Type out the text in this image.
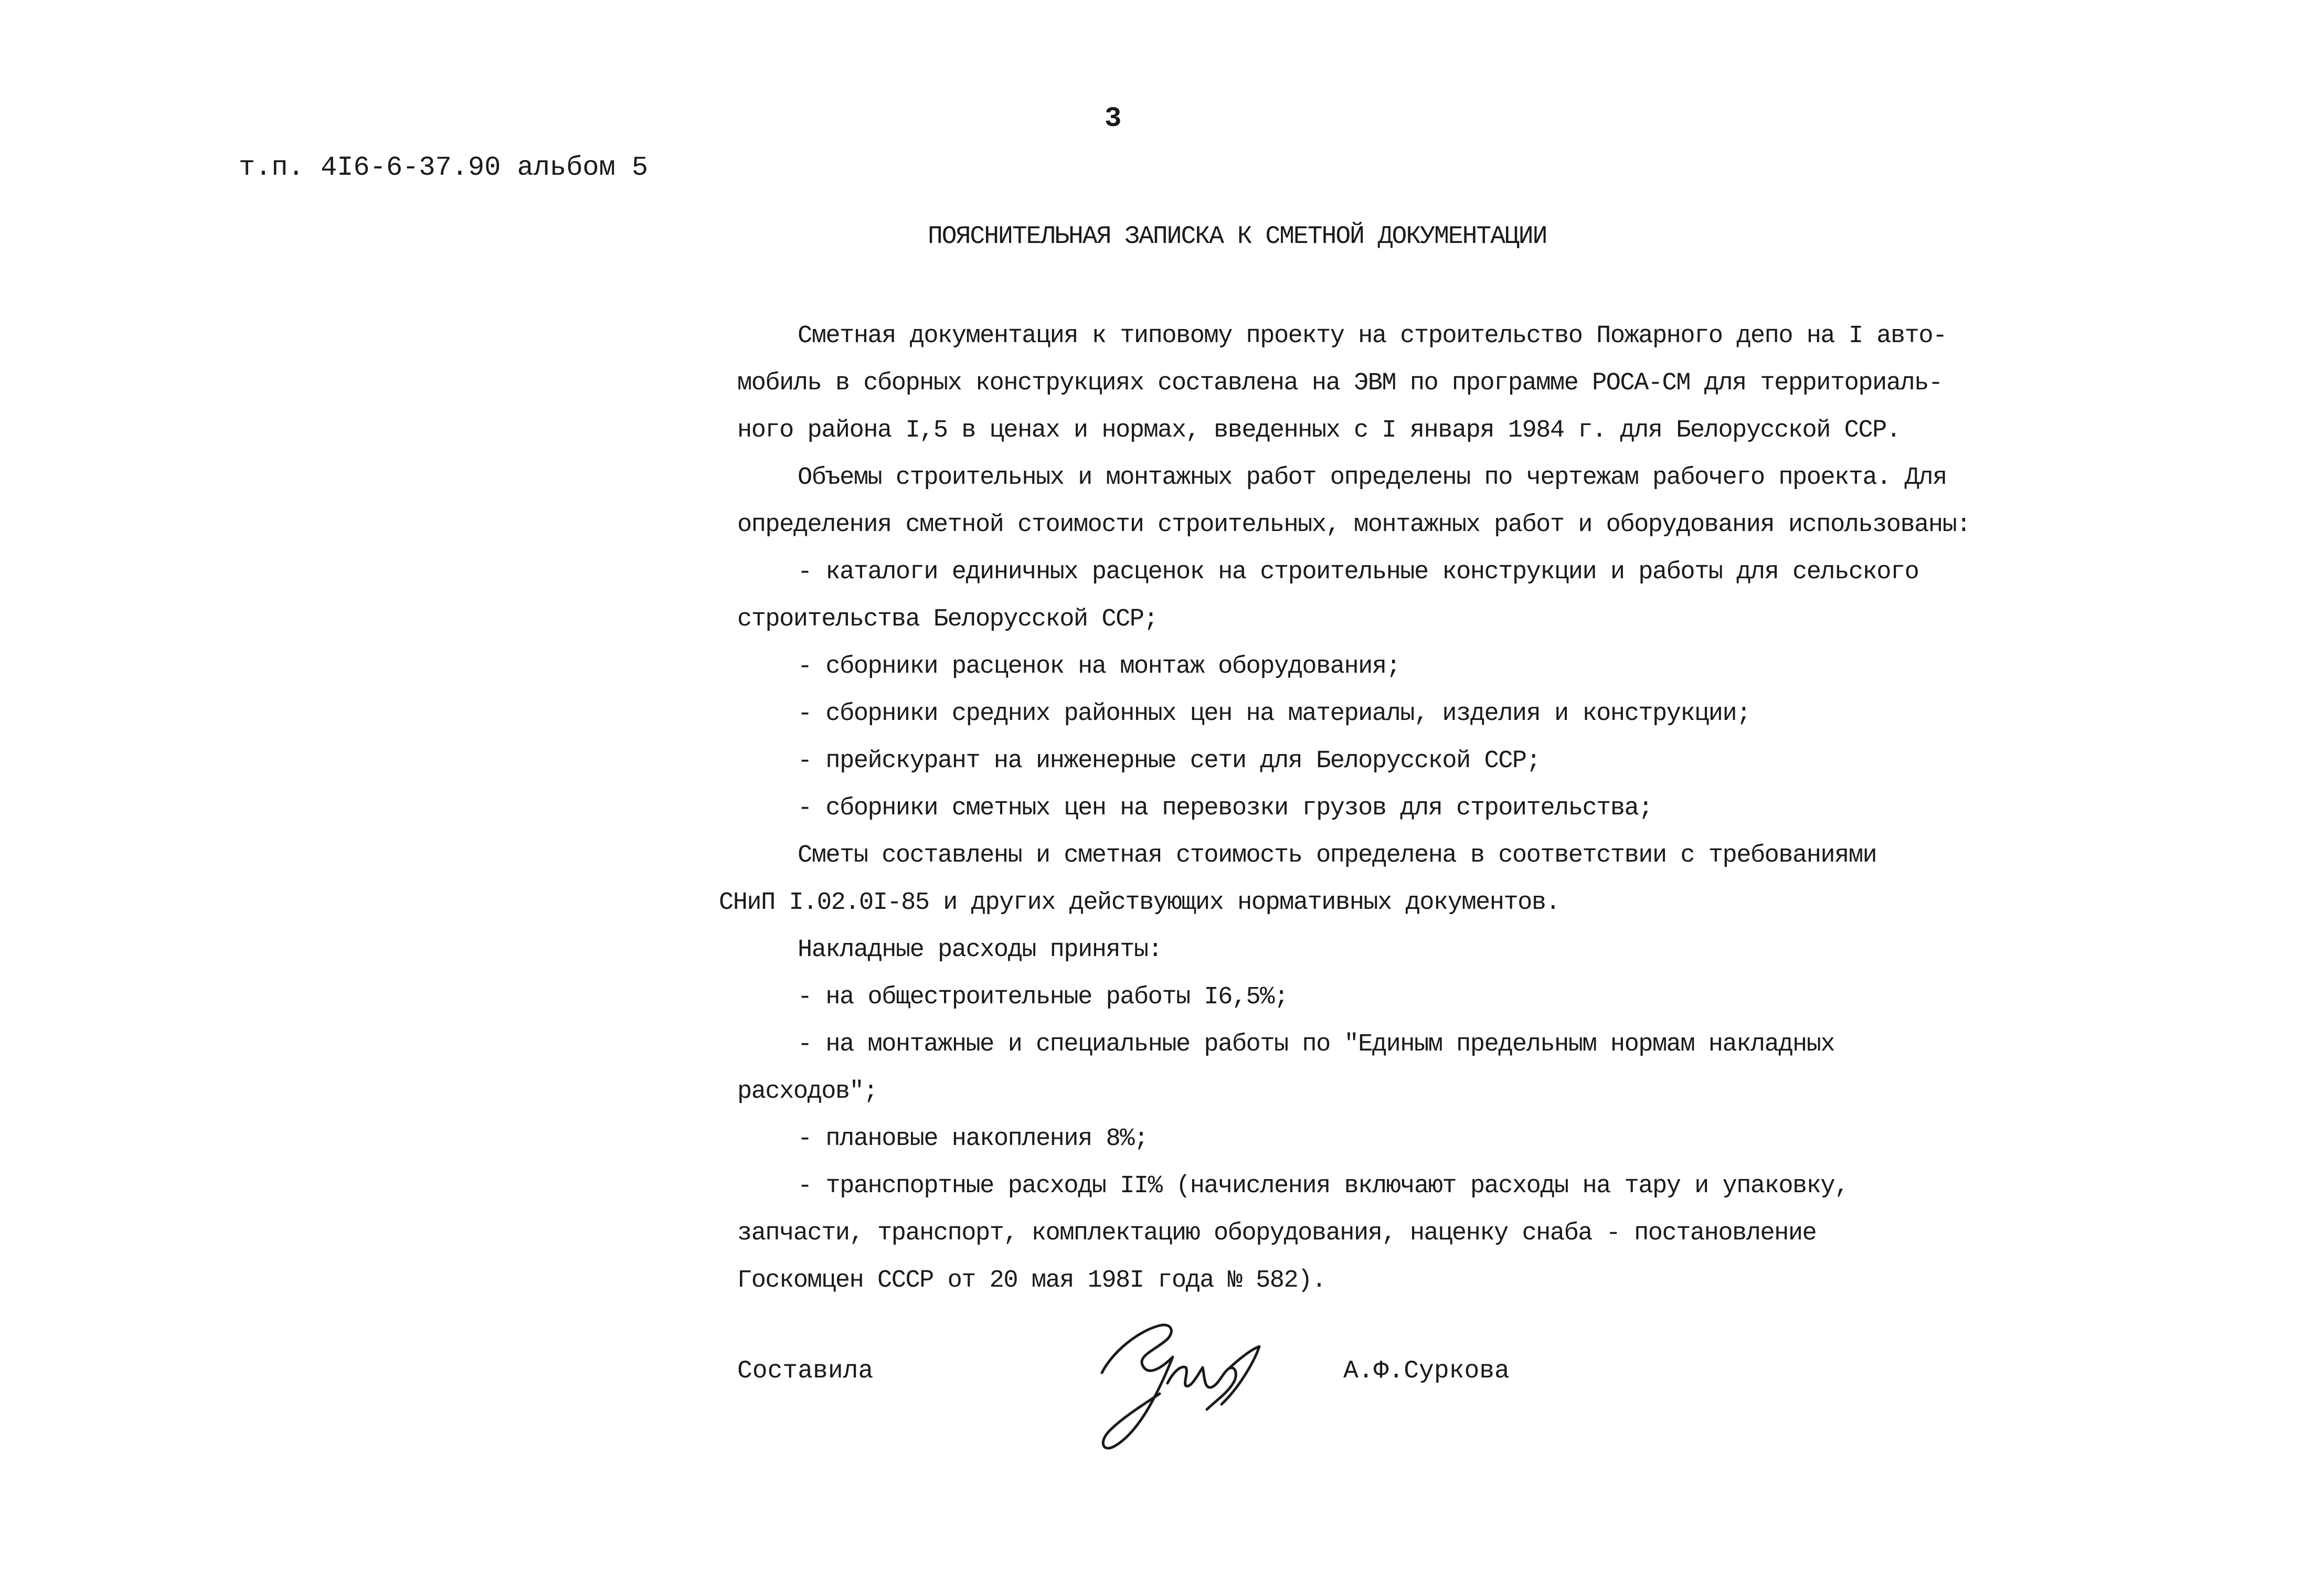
3
т.п. 4I6-6-37.90 альбом 5
ПОЯСНИТЕЛЬНАЯ ЗАПИСКА К СМЕТНОЙ ДОКУМЕНТАЦИИ
Сметная документация к типовому проекту на строительство Пожарного депо на I авто-
мобиль в сборных конструкциях составлена на ЭВМ по программе РОСА-СМ для территориаль-
ного района I,5 в ценах и нормах, введенных с I января 1984 г. для Белорусской ССР.
Объемы строительных и монтажных работ определены по чертежам рабочего проекта. Для
определения сметной стоимости строительных, монтажных работ и оборудования использованы:
- каталоги единичных расценок на строительные конструкции и работы для сельского
строительства Белорусской ССР;
- сборники расценок на монтаж оборудования;
- сборники средних районных цен на материалы, изделия и конструкции;
- прейскурант на инженерные сети для Белорусской ССР;
- сборники сметных цен на перевозки грузов для строительства;
Сметы составлены и сметная стоимость определена в соответствии с требованиями
СНиП I.02.0I-85 и других действующих нормативных документов.
Накладные расходы приняты:
- на общестроительные работы I6,5%;
- на монтажные и специальные работы по "Единым предельным нормам накладных
расходов";
- плановые накопления 8%;
- транспортные расходы II% (начисления включают расходы на тару и упаковку,
запчасти, транспорт, комплектацию оборудования, наценку снаба - постановление
Госкомцен СССР от 20 мая 198I года № 582).
Составила	А.Ф.Суркова
